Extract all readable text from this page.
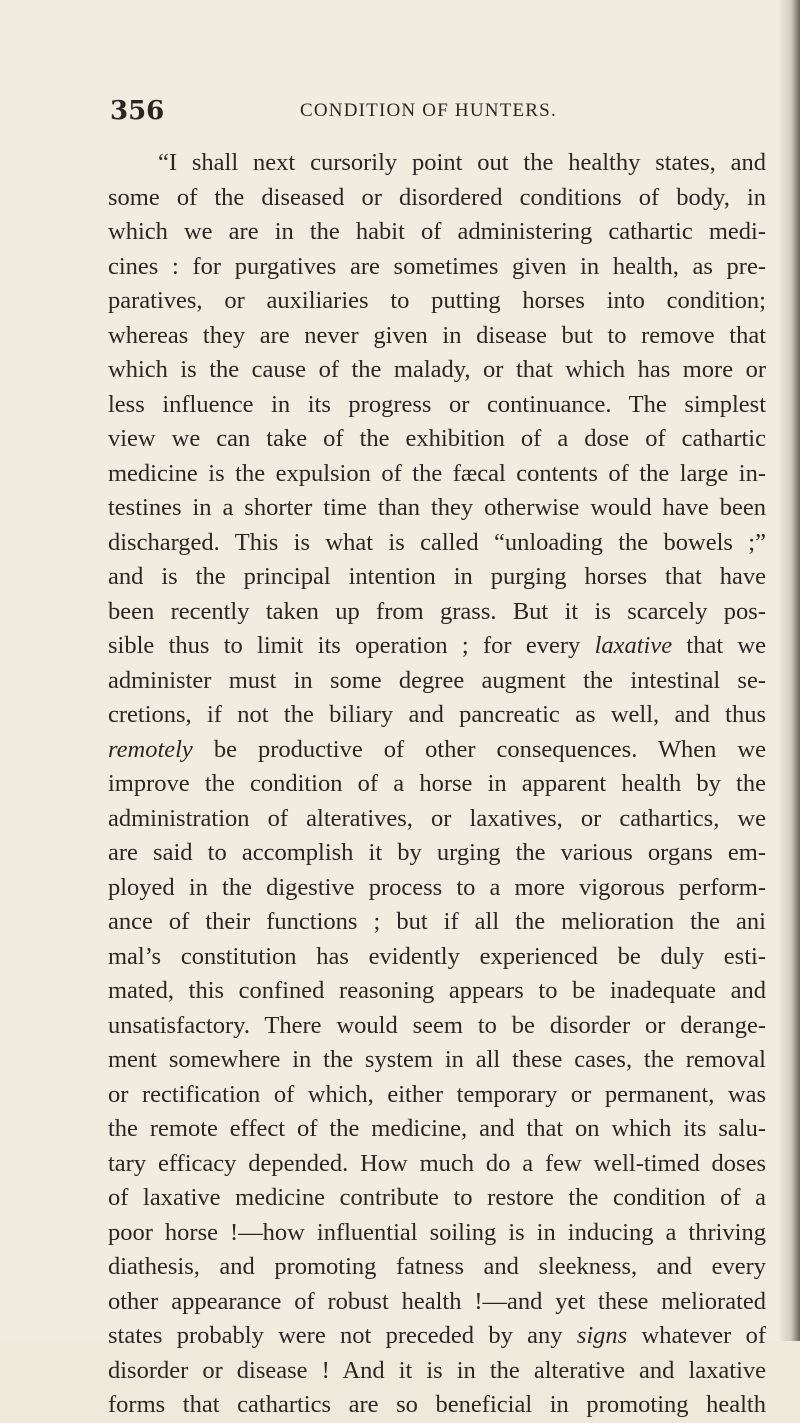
356	CONDITION OF HUNTERS.
“I shall next cursorily point out the healthy states, and
some of the diseased or disordered conditions of body, in
which we are in the habit of administering cathartic medi-
cines : for purgatives are sometimes given in health, as pre-
paratives, or auxiliaries to putting horses into condition;
whereas they are never given in disease but to remove that
which is the cause of the malady, or that which has more or
less influence in its progress or continuance. The simplest
view we can take of the exhibition of a dose of cathartic
medicine is the expulsion of the fæcal contents of the large in-
testines in a shorter time than they otherwise would have been
discharged. This is what is called “unloading the bowels ;”
and is the principal intention in purging horses that have
been recently taken up from grass. But it is scarcely pos-
sible thus to limit its operation ; for every laxative that we
administer must in some degree augment the intestinal se-
cretions, if not the biliary and pancreatic as well, and thus
remotely be productive of other consequences. When we
improve the condition of a horse in apparent health by the
administration of alteratives, or laxatives, or cathartics, we
are said to accomplish it by urging the various organs em-
ployed in the digestive process to a more vigorous perform-
ance of their functions ; but if all the melioration the ani
mal’s constitution has evidently experienced be duly esti-
mated, this confined reasoning appears to be inadequate and
unsatisfactory. There would seem to be disorder or derange-
ment somewhere in the system in all these cases, the removal
or rectification of which, either temporary or permanent, was
the remote effect of the medicine, and that on which its salu-
tary efficacy depended. How much do a few well-timed doses
of laxative medicine contribute to restore the condition of a
poor horse !—how influential soiling is in inducing a thriving
diathesis, and promoting fatness and sleekness, and every
other appearance of robust health !—and yet these meliorated
states probably were not preceded by any signs whatever of
disorder or disease ! And it is in the alterative and laxative
forms that cathartics are so beneficial in promoting health
